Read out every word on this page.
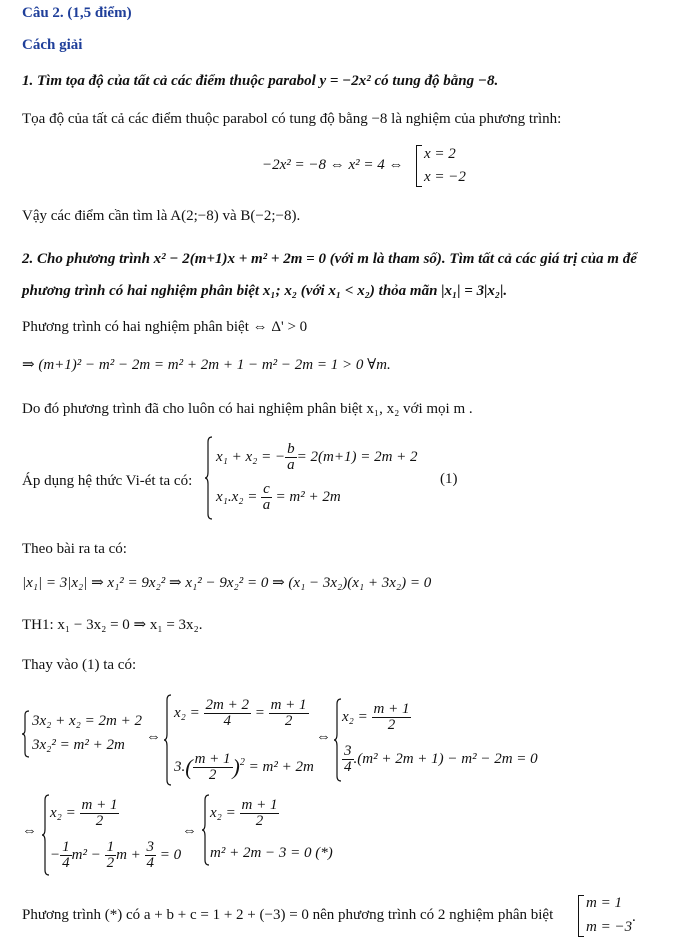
Câu 2. (1,5 điểm)
Cách giải
1. Tìm tọa độ của tất cả các điểm thuộc parabol y = −2x² có tung độ bằng −8.
Tọa độ của tất cả các điểm thuộc parabol có tung độ bằng −8 là nghiệm của phương trình:
−2x² = −8 ⇔ x² = 4 ⇔
x = 2
x = −2
Vậy các điểm cần tìm là A(2;−8) và B(−2;−8).
2. Cho phương trình x² − 2(m+1)x + m² + 2m = 0 (với m là tham số). Tìm tất cả các giá trị của m để
phương trình có hai nghiệm phân biệt x₁; x₂ (với x₁ < x₂) thỏa mãn |x₁| = 3|x₂|.
Phương trình có hai nghiệm phân biệt ⇔ Δ' > 0
⇒ (m+1)² − m² − 2m = m² + 2m + 1 − m² − 2m = 1 > 0 ∀m.
Do đó phương trình đã cho luôn có hai nghiệm phân biệt x₁, x₂ với mọi m .
Áp dụng hệ thức Vi-ét ta có:
x₁ + x₂ = − $\frac{b}{a} = 2(m+1) = 2m + 2$
$x_1.x_2 = \frac{c}{a} = m^2 + 2m$
(1)
Theo bài ra ta có:
|x₁| = 3|x₂| ⇒ x₁² = 9x₂² ⇒ x₁² − 9x₂² = 0 ⇒ (x₁ − 3x₂)(x₁ + 3x₂) = 0
TH1: x₁ − 3x₂ = 0 ⇒ x₁ = 3x₂.
Thay vào (1) ta có:
3x₂ + x₂ = 2m + 2
3x₂² = m² + 2m ⇔
$x_2 = \frac{2m + 2}{4} = \frac{m + 1}{2}$
$3.( \frac{m + 1}{2} )^2 = m^2 + 2m$
⇔
$x_2 = \frac{m + 1}{2}$
$\frac{3}{4} .(m^2 + 2m + 1) - m^2 - 2m = 0$
⇔
$x_2 = \frac{m + 1}{2}$
− $\frac{1}{4} m^2 - \frac{1}{2}$ $m + \frac{3}{4} = 0$
⇔
$x_2 = \frac{m + 1}{2}$
m² + 2m − 3 = 0 (*)
Phương trình (*) có a + b + c = 1 + 2 + (−3) = 0 nên phương trình có 2 nghiệm phân biệt
m = 1
m = −3
.
